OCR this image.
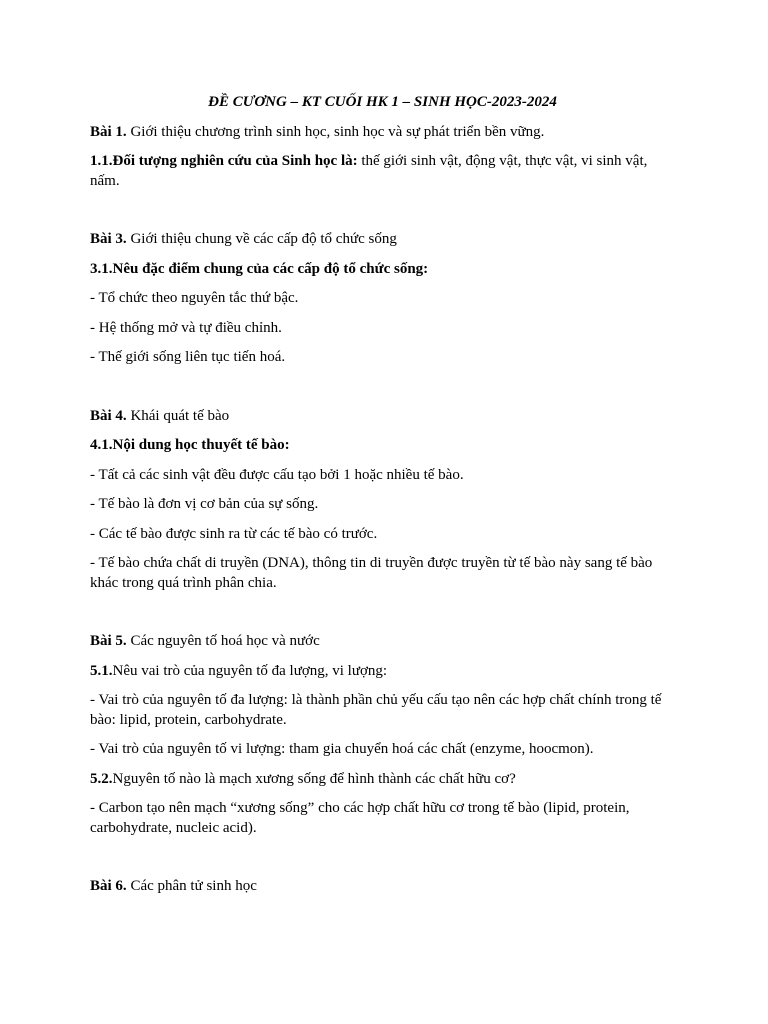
ĐỀ CƯƠNG – KT CUỐI HK 1 – SINH HỌC-2023-2024

Bài 1. Giới thiệu chương trình sinh học, sinh học và sự phát triển bền vững.

1.1.Đối tượng nghiên cứu của Sinh học là: thế giới sinh vật, động vật, thực vật, vi sinh vật, nấm.

Bài 3. Giới thiệu chung về các cấp độ tổ chức sống

3.1.Nêu đặc điểm chung của các cấp độ tổ chức sống:

- Tổ chức theo nguyên tắc thứ bậc.

- Hệ thống mở và tự điều chỉnh.

- Thế giới sống liên tục tiến hoá.

Bài 4. Khái quát tế bào

4.1.Nội dung học thuyết tế bào:

- Tất cả các sinh vật đều được cấu tạo bởi 1 hoặc nhiều tế bào.

- Tế bào là đơn vị cơ bản của sự sống.

- Các tế bào được sinh ra từ các tế bào có trước.

- Tế bào chứa chất di truyền (DNA), thông tin di truyền được truyền từ tế bào này sang tế bào khác trong quá trình phân chia.

Bài 5. Các nguyên tố hoá học và nước

5.1.Nêu vai trò của nguyên tố đa lượng, vi lượng:

- Vai trò của nguyên tố đa lượng: là thành phần chủ yếu cấu tạo nên các hợp chất chính trong tế bào: lipid, protein, carbohydrate.

- Vai trò của nguyên tố vi lượng: tham gia chuyển hoá các chất (enzyme, hoocmon).

5.2.Nguyên tố nào là mạch xương sống để hình thành các chất hữu cơ?

- Carbon tạo nên mạch “xương sống” cho các hợp chất hữu cơ trong tế bào (lipid, protein, carbohydrate, nucleic acid).

Bài 6. Các phân tử sinh học
